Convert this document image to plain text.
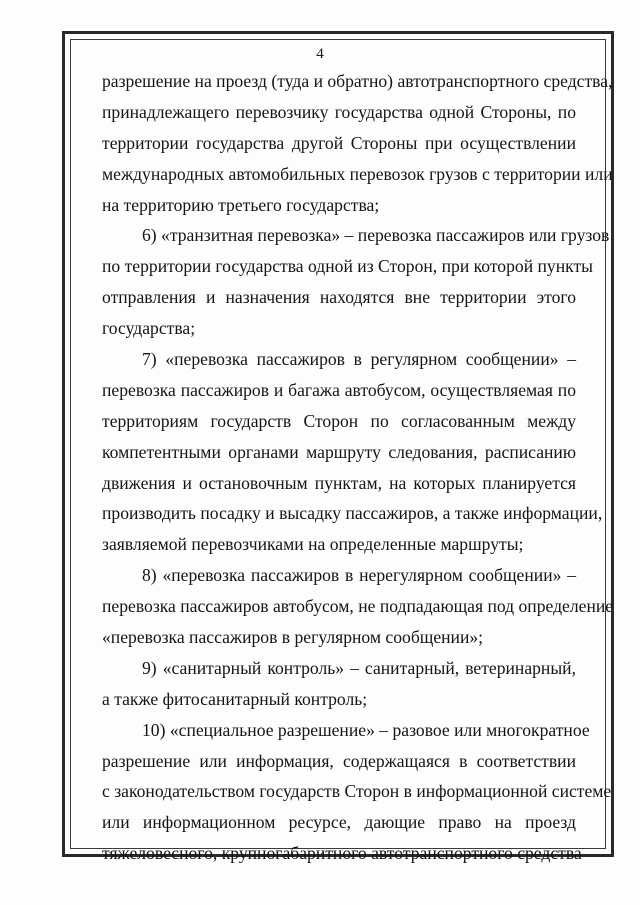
4
разрешение на проезд (туда и обратно) автотранспортного средства,
принадлежащего перевозчику государства одной Стороны, по
территории государства другой Стороны при осуществлении
международных автомобильных перевозок грузов с территории или
на территорию третьего государства;
6) «транзитная перевозка» – перевозка пассажиров или грузов
по территории государства одной из Сторон, при которой пункты
отправления и назначения находятся вне территории этого
государства;
7) «перевозка пассажиров в регулярном сообщении» –
перевозка пассажиров и багажа автобусом, осуществляемая по
территориям государств Сторон по согласованным между
компетентными органами маршруту следования, расписанию
движения и остановочным пунктам, на которых планируется
производить посадку и высадку пассажиров, а также информации,
заявляемой перевозчиками на определенные маршруты;
8) «перевозка пассажиров в нерегулярном сообщении» –
перевозка пассажиров автобусом, не подпадающая под определение
«перевозка пассажиров в регулярном сообщении»;
9) «санитарный контроль» – санитарный, ветеринарный,
а также фитосанитарный контроль;
10) «специальное разрешение» – разовое или многократное
разрешение или информация, содержащаяся в соответствии
с законодательством государств Сторон в информационной системе
или информационном ресурсе, дающие право на проезд
тяжеловесного, крупногабаритного автотранспортного средства
